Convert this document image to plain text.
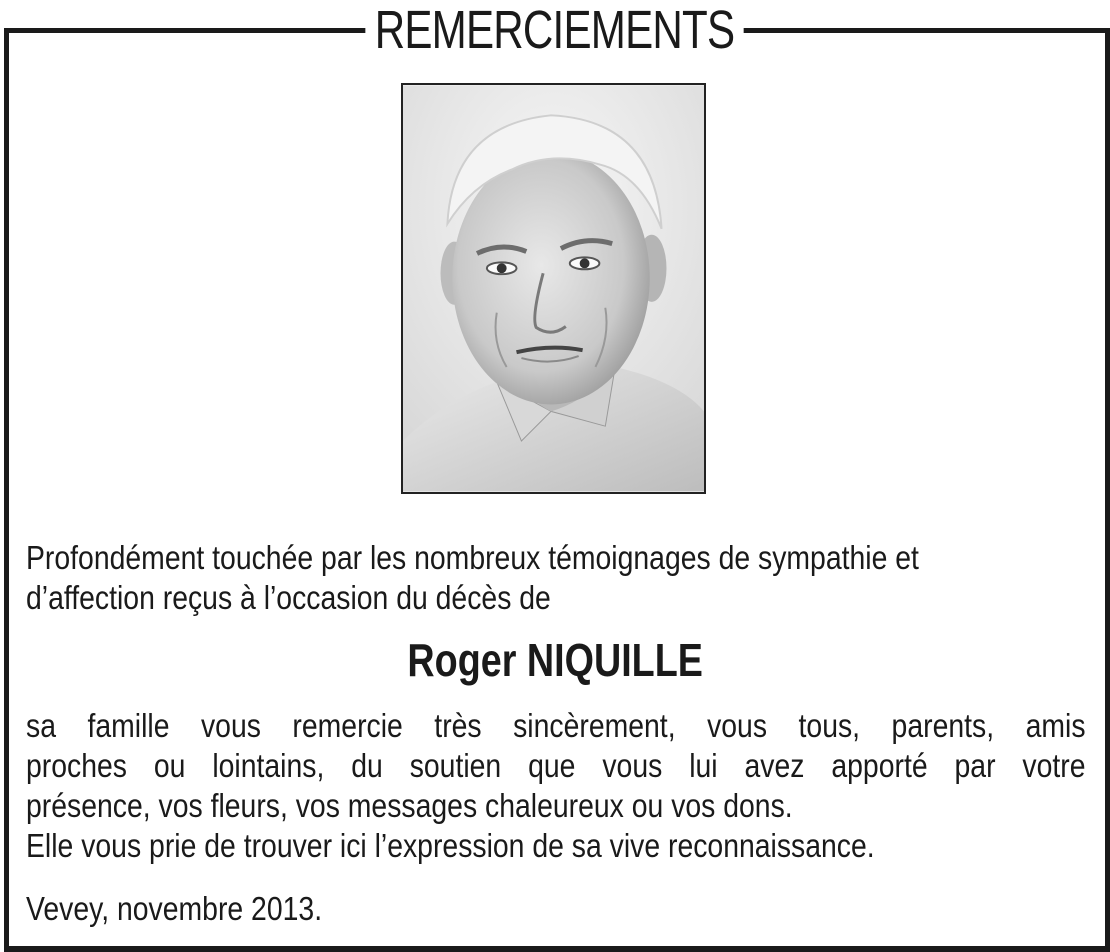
REMERCIEMENTS
Profondément touchée par les nombreux témoignages de sympathie et
d’affection reçus à l’occasion du décès de
Roger NIQUILLE
sa famille vous remercie très sincèrement, vous tous, parents, amis
proches ou lointains, du soutien que vous lui avez apporté par votre
présence, vos fleurs, vos messages chaleureux ou vos dons.
Elle vous prie de trouver ici l’expression de sa vive reconnaissance.
Vevey, novembre 2013.
